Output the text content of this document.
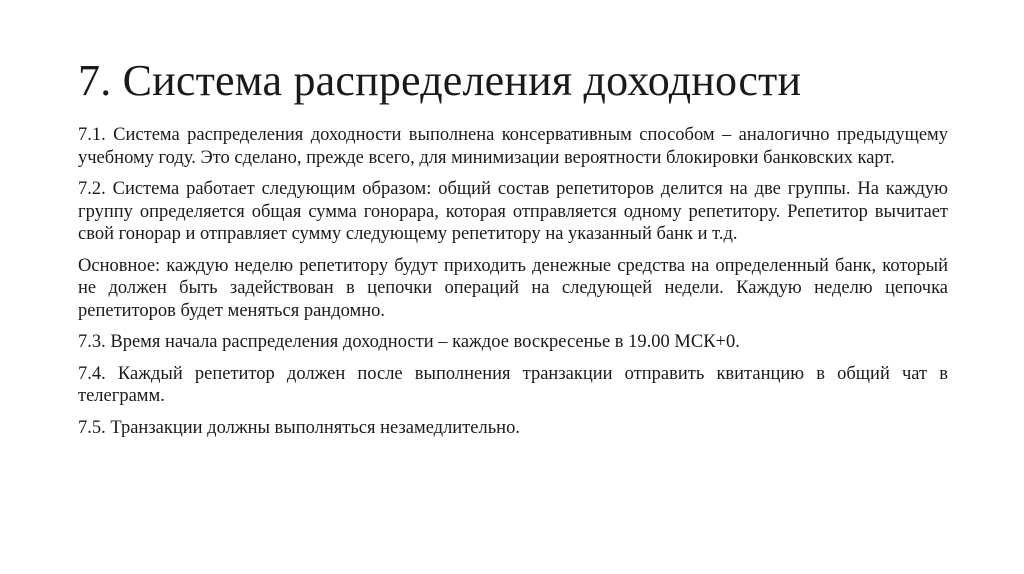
7. Система распределения доходности

7.1. Система распределения доходности выполнена консервативным способом – аналогично предыдущему учебному году. Это сделано, прежде всего, для минимизации вероятности блокировки банковских карт.

7.2. Система работает следующим образом: общий состав репетиторов делится на две группы. На каждую группу определяется общая сумма гонорара, которая отправляется одному репетитору. Репетитор вычитает свой гонорар и отправляет сумму следующему репетитору на указанный банк и т.д.

Основное: каждую неделю репетитору будут приходить денежные средства на определенный банк, который не должен быть задействован в цепочки операций на следующей недели. Каждую неделю цепочка репетиторов будет меняться рандомно.

7.3. Время начала распределения доходности – каждое воскресенье в 19.00 МСК+0.

7.4. Каждый репетитор должен после выполнения транзакции отправить квитанцию в общий чат в телеграмм.

7.5. Транзакции должны выполняться незамедлительно.
